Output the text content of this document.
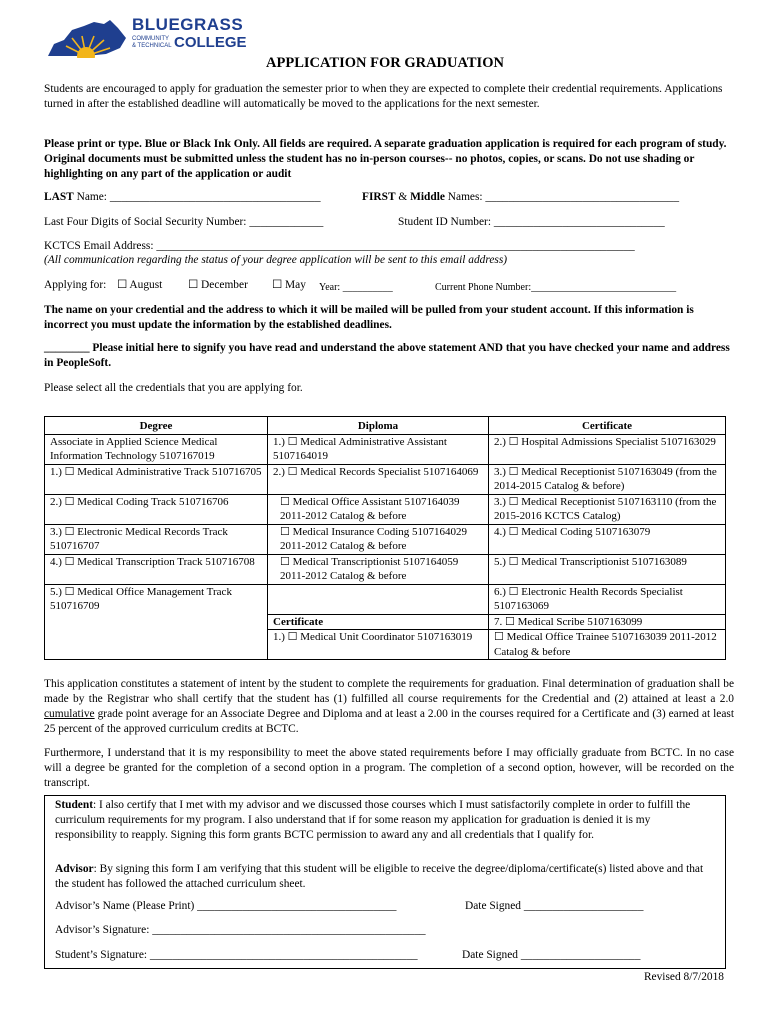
BLUEGRASS
COMMUNITY
& TECHNICAL COLLEGE
APPLICATION FOR GRADUATION
Students are encouraged to apply for graduation the semester prior to when they are expected to complete their credential requirements. Applications turned in after the established deadline will automatically be moved to the applications for the next semester.
Please print or type. Blue or Black Ink Only. All fields are required. A separate graduation application is required for each program of study. Original documents must be submitted unless the student has no in-person courses-- no photos, copies, or scans. Do not use shading or highlighting on any part of the application or audit
LAST Name: _____________________________________	FIRST & Middle Names: __________________________________
Last Four Digits of Social Security Number: _____________	Student ID Number: ______________________________
KCTCS Email Address: ____________________________________________________________________________________
(All communication regarding the status of your degree application will be sent to this email address)
Applying for: ☐ August ☐ December ☐ May Year: __________	Current Phone Number:_____________________________
The name on your credential and the address to which it will be mailed will be pulled from your student account. If this information is incorrect you must update the information by the established deadlines.
________ Please initial here to signify you have read and understand the above statement AND that you have checked your name and address in PeopleSoft.
Please select all the credentials that you are applying for.
Degree	Diploma	Certificate

Associate in Applied Science Medical Information Technology 5107167019	1.) ☐ Medical Administrative Assistant 5107164019	2.) ☐ Hospital Admissions Specialist 5107163029

1.) ☐ Medical Administrative Track 510716705	2.) ☐ Medical Records Specialist 5107164069	3.) ☐ Medical Receptionist 5107163049 (from the 2014-2015 Catalog & before)

2.) ☐ Medical Coding Track 510716706	☐ Medical Office Assistant 5107164039 2011-2012 Catalog & before	3.) ☐ Medical Receptionist 5107163110 (from the 2015-2016 KCTCS Catalog)

3.) ☐ Electronic Medical Records Track 510716707	☐ Medical Insurance Coding 5107164029 2011-2012 Catalog & before	4.) ☐ Medical Coding 5107163079

4.) ☐ Medical Transcription Track 510716708	☐ Medical Transcriptionist 5107164059 2011-2012 Catalog & before	5.) ☐ Medical Transcriptionist 5107163089

5.) ☐ Medical Office Management Track 510716709		6.) ☐ Electronic Health Records Specialist 5107163069

	Certificate	7. ☐ Medical Scribe 5107163099

	1.) ☐ Medical Unit Coordinator 5107163019	☐ Medical Office Trainee 5107163039 2011-2012 Catalog & before
This application constitutes a statement of intent by the student to complete the requirements for graduation. Final determination of graduation shall be made by the Registrar who shall certify that the student has (1) fulfilled all course requirements for the Credential and (2) attained at least a 2.0 cumulative grade point average for an Associate Degree and Diploma and at least a 2.00 in the courses required for a Certificate and (3) earned at least 25 percent of the approved curriculum credits at BCTC.
Furthermore, I understand that it is my responsibility to meet the above stated requirements before I may officially graduate from BCTC. In no case will a degree be granted for the completion of a second option in a program. The completion of a second option, however, will be recorded on the transcript.
Student: I also certify that I met with my advisor and we discussed those courses which I must satisfactorily complete in order to fulfill the curriculum requirements for my program. I also understand that if for some reason my application for graduation is denied it is my responsibility to reapply. Signing this form grants BCTC permission to award any and all credentials that I qualify for.
Advisor: By signing this form I am verifying that this student will be eligible to receive the degree/diploma/certificate(s) listed above and that the student has followed the attached curriculum sheet.
Advisor’s Name (Please Print) ___________________________________	Date Signed _____________________
Advisor’s Signature: ________________________________________________
Student’s Signature: _______________________________________________	Date Signed _____________________
Revised 8/7/2018
